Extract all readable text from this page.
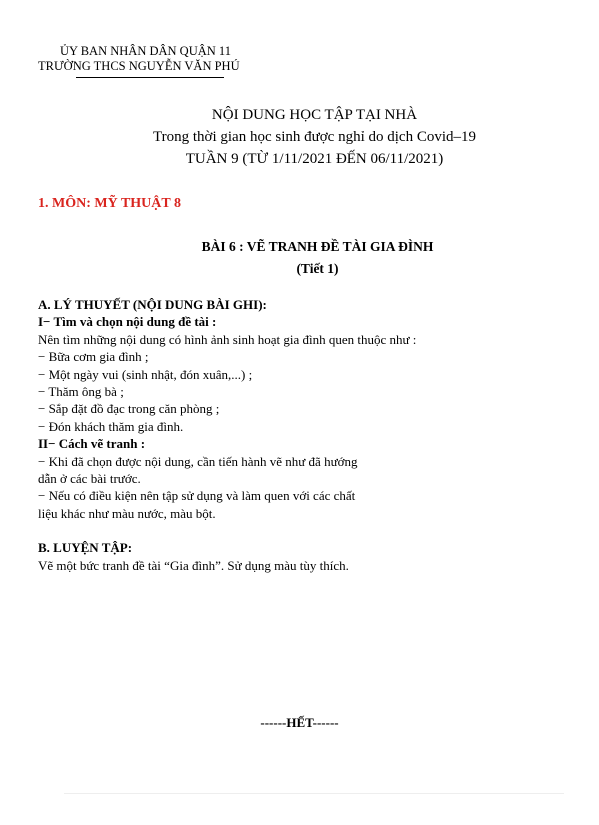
ỦY BAN NHÂN DÂN QUẬN 11
TRƯỜNG THCS NGUYỄN VĂN PHÚ
NỘI DUNG HỌC TẬP TẠI NHÀ
Trong thời gian học sinh được nghỉ do dịch Covid–19
TUẦN 9 (TỪ 1/11/2021 ĐẾN 06/11/2021)
1. MÔN: MỸ THUẬT 8
BÀI 6 : VẼ TRANH ĐỀ TÀI GIA ĐÌNH
(Tiết 1)
A. LÝ THUYẾT (NỘI DUNG BÀI GHI):
I− Tìm và chọn nội dung đề tài :
Nên tìm những nội dung có hình ảnh sinh hoạt gia đình quen thuộc như :
− Bữa cơm gia đình ;
− Một ngày vui (sinh nhật, đón xuân,...) ;
− Thăm ông bà ;
− Sắp đặt đồ đạc trong căn phòng ;
− Đón khách thăm gia đình.
II− Cách vẽ tranh :
− Khi đã chọn được nội dung, cần tiến hành vẽ như đã hướng
dẫn ở các bài trước.
− Nếu có điều kiện nên tập sử dụng và làm quen với các chất
liệu khác như màu nước, màu bột.
B. LUYỆN TẬP:
Vẽ một bức tranh đề tài “Gia đình”. Sử dụng màu tùy thích.
------HẾT------
